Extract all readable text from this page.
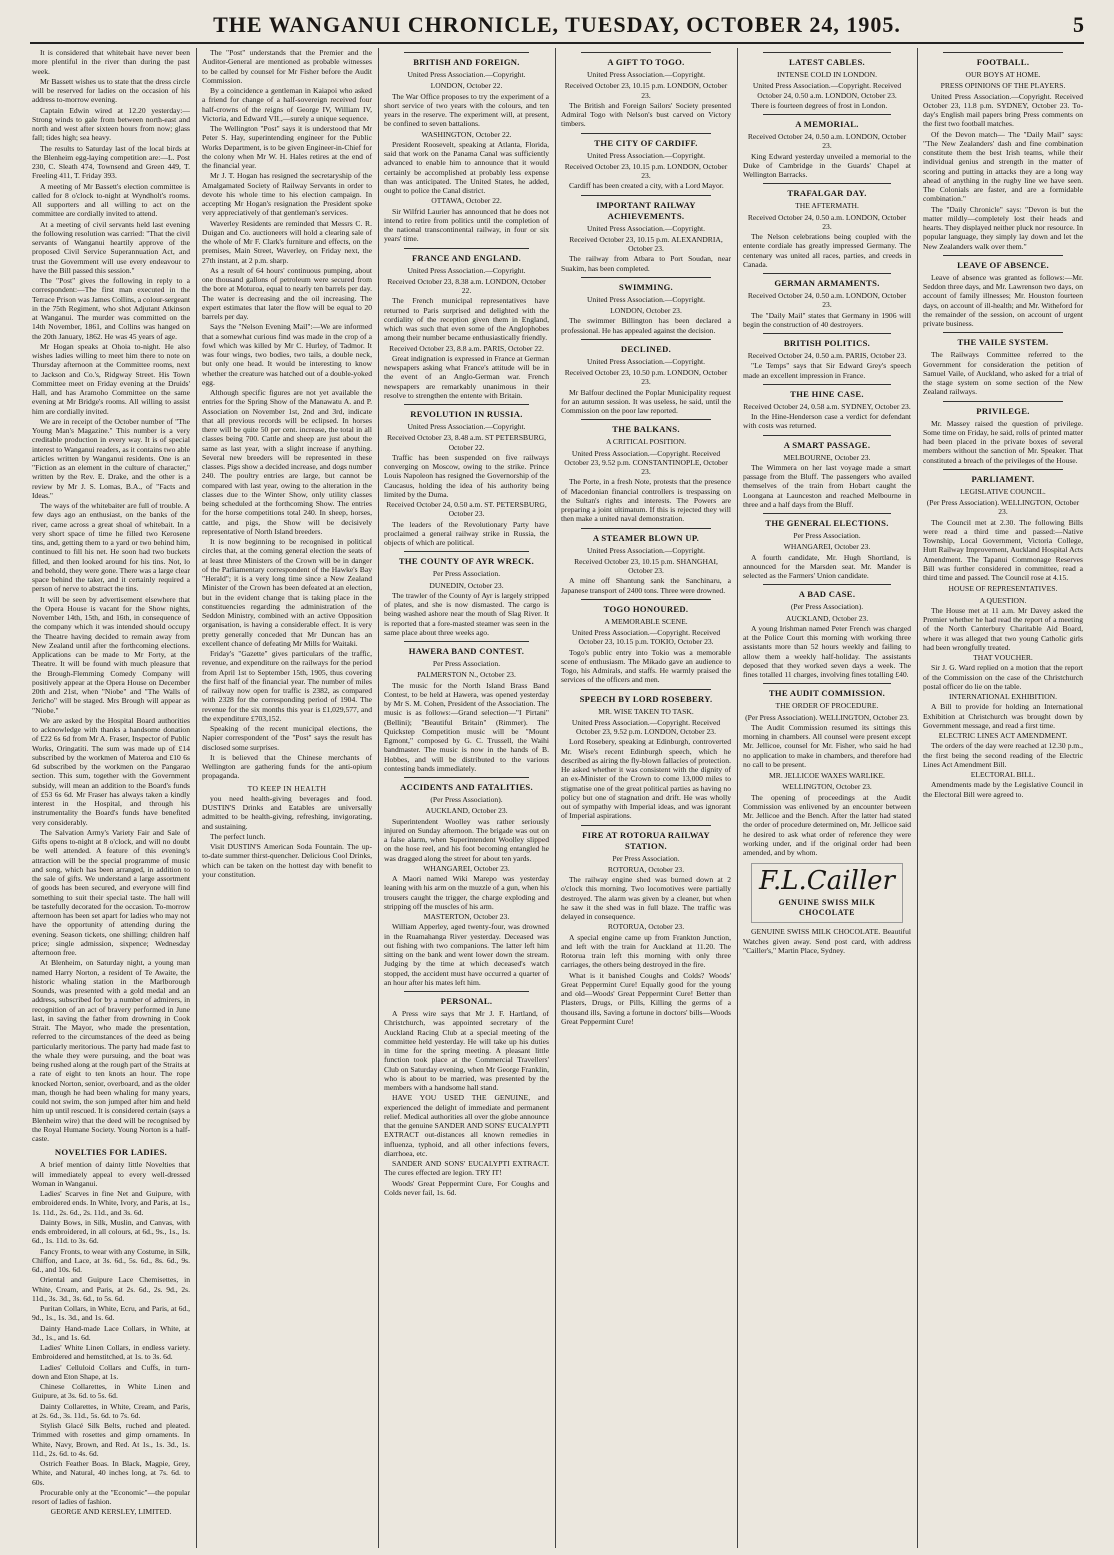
THE WANGANUI CHRONICLE, TUESDAY, OCTOBER 24, 1905.	5

It is considered that whitebait have never been more plentiful in the river than during the past week.

Mr Bassett wishes us to state that the dress circle will be reserved for ladies on the occasion of his address to-morrow evening.

Captain Edwin wired at 12.20 yesterday:—Strong winds to gale from between north-east and north and west after sixteen hours from now; glass fall; tides high; sea heavy.

The results to Saturday last of the local birds at the Blenheim egg-laying competition are:—L. Post 230, C. Sleath 474, Townsend and Green 449, T. Freeling 411, T. Friday 393.

A meeting of Mr Bassett's election committee is called for 8 o'clock to-night at Wyndholt's rooms. All supporters and all willing to act on the committee are cordially invited to attend.

At a meeting of civil servants held last evening the following resolution was carried: "That the civil servants of Wanganui heartily approve of the proposed Civil Service Superannuation Act, and trust the Government will use every endeavour to have the Bill passed this session."

The "Post" gives the following in reply to a correspondent:—The first man executed in the Terrace Prison was James Collins, a colour-sergeant in the 75th Regiment, who shot Adjutant Atkinson at Wanganui. The murder was committed on the 14th November, 1861, and Collins was hanged on the 20th January, 1862. He was 45 years of age.

Mr Hogan speaks at Ohoia to-night. He also wishes ladies willing to meet him there to note on Thursday afternoon at the Committee rooms, next to Jackson and Co.'s, Ridgway Street. His Town Committee meet on Friday evening at the Druids' Hall, and has Aramoho Committee on the same evening at Mr Bridge's rooms. All willing to assist him are cordially invited.

We are in receipt of the October number of "The Young Man's Magazine." This number is a very creditable production in every way. It is of special interest to Wanganui readers, as it contains two able articles written by Wanganui residents. One is an "Fiction as an element in the culture of character," written by the Rev. E. Drake, and the other is a review by Mr J. S. Lomas, B.A., of "Facts and Ideas."

The ways of the whitebaiter are full of trouble. A few days ago an enthusiast, on the banks of the river, came across a great shoal of whitebait. In a very short space of time he filled two Kerosene tins, and, getting them to a yard or two behind him, continued to fill his net. He soon had two buckets filled, and then looked around for his tins. Not, lo and behold, they were gone. There was a large clear space behind the taker, and it certainly required a person of nerve to abstract the tins.

It will be seen by advertisement elsewhere that the Opera House is vacant for the Show nights, November 14th, 15th, and 16th, in consequence of the company which it was intended should occupy the Theatre having decided to remain away from New Zealand until after the forthcoming elections. Applications can be made to Mr Forty, at the Theatre. It will be found with much pleasure that the Brough-Flemming Comedy Company will positively appear at the Opera House on December 20th and 21st, when "Niobe" and "The Walls of Jericho" will be staged. Mrs Brough will appear as "Niobe."

We are asked by the Hospital Board authorities to acknowledge with thanks a handsome donation of £22 6s 6d from Mr A. Fraser, Inspector of Public Works, Oringatiti. The sum was made up of £14 subscribed by the workmen of Materoa and £10 6s 6d subscribed by the workmen on the Pangarao section. This sum, together with the Government subsidy, will mean an addition to the Board's funds of £53 6s 6d. Mr Fraser has always taken a kindly interest in the Hospital, and through his instrumentality the Board's funds have benefited very considerably.

The Salvation Army's Variety Fair and Sale of Gifts opens to-night at 8 o'clock, and will no doubt be well attended. A feature of this evening's attraction will be the special programme of music and song, which has been arranged, in addition to the sale of gifts. We understand a large assortment of goods has been secured, and everyone will find something to suit their special taste. The hall will be tastefully decorated for the occasion. To-morrow afternoon has been set apart for ladies who may not have the opportunity of attending during the evening. Season tickets, one shilling; children half price; single admission, sixpence; Wednesday afternoon free.

At Blenheim, on Saturday night, a young man named Harry Norton, a resident of Te Awaite, the historic whaling station in the Marlborough Sounds, was presented with a gold medal and an address, subscribed for by a number of admirers, in recognition of an act of bravery performed in June last, in saving the father from drowning in Cook Strait. The Mayor, who made the presentation, referred to the circumstances of the deed as being particularly meritorious. The party had made fast to the whale they were pursuing, and the boat was being rushed along at the rough part of the Straits at a rate of eight to ten knots an hour. The rope knocked Norton, senior, overboard, and as the older man, though he had been whaling for many years, could not swim, the son jumped after him and held him up until rescued. It is considered certain (says a Blenheim wire) that the deed will be recognised by the Royal Humane Society. Young Norton is a half-caste.

NOVELTIES FOR LADIES.

A brief mention of dainty little Novelties that will immediately appeal to every well-dressed Woman in Wanganui.

Ladies' Scarves in fine Net and Guipure, with embroidered ends. In White, Ivory, and Paris, at 1s., 1s. 11d., 2s. 6d., 2s. 11d., and 3s. 6d.

Dainty Bows, in Silk, Muslin, and Canvas, with ends embroidered, in all colours, at 6d., 9s., 1s., 1s. 6d., 1s. 11d. to 3s. 6d.

Fancy Fronts, to wear with any Costume, in Silk, Chiffon, and Lace, at 3s. 6d., 5s. 6d., 8s. 6d., 9s. 6d., and 10s. 6d.

Oriental and Guipure Lace Chemisettes, in White, Cream, and Paris, at 2s. 6d., 2s. 9d., 2s. 11d., 3s. 3d., 3s. 6d., to 5s. 6d.

Puritan Collars, in White, Ecru, and Paris, at 6d., 9d., 1s., 1s. 3d., and 1s. 6d.

Dainty Hand-made Lace Collars, in White, at 3d., 1s., and 1s. 6d.

Ladies' White Linen Collars, in endless variety. Embroidered and hemstitched, at 1s. to 3s. 6d.

Ladies' Celluloid Collars and Cuffs, in turn-down and Eton Shape, at 1s.

Chinese Collarettes, in White Linen and Guipure, at 3s. 6d. to 5s. 6d.

Dainty Collarettes, in White, Cream, and Paris, at 2s. 6d., 3s. 11d., 5s. 6d. to 7s. 6d.

Stylish Glacé Silk Belts, ruched and pleated. Trimmed with rosettes and gimp ornaments. In White, Navy, Brown, and Red. At 1s., 1s. 3d., 1s. 11d., 2s. 6d. to 4s. 6d.

Ostrich Feather Boas. In Black, Magpie, Grey, White, and Natural, 40 inches long, at 7s. 6d. to 60s.

Procurable only at the "Economic"—the popular resort of ladies of fashion.

GEORGE AND KERSLEY, LIMITED.

The "Post" understands that the Premier and the Auditor-General are mentioned as probable witnesses to be called by counsel for Mr Fisher before the Audit Commission.

By a coincidence a gentleman in Kaiapoi who asked a friend for change of a half-sovereign received four half-crowns of the reigns of George IV, William IV, Victoria, and Edward VII.,—surely a unique sequence.

The Wellington "Post" says it is understood that Mr Peter S. Hay, superintending engineer for the Public Works Department, is to be given Engineer-in-Chief for the colony when Mr W. H. Hales retires at the end of the financial year.

Mr J. T. Hogan has resigned the secretaryship of the Amalgamated Society of Railway Servants in order to devote his whole time to his election campaign. In accepting Mr Hogan's resignation the President spoke very appreciatively of that gentleman's services.

Waverley Residents are reminded that Messrs C. R. Duigan and Co. auctioneers will hold a clearing sale of the whole of Mr F. Clark's furniture and effects, on the premises, Main Street, Waverley, on Friday next, the 27th instant, at 2 p.m. sharp.

As a result of 64 hours' continuous pumping, about one thousand gallons of petroleum were secured from the bore at Moturoa, equal to nearly ten barrels per day. The water is decreasing and the oil increasing. The expert estimates that later the flow will be equal to 20 barrels per day.

Says the "Nelson Evening Mail":—We are informed that a somewhat curious find was made in the crop of a fowl which was killed by Mr C. Hurley, of Tadmor. It was four wings, two bodies, two tails, a double neck, but only one head. It would be interesting to know whether the creature was hatched out of a double-yoked egg.

Although specific figures are not yet available the entries for the Spring Show of the Manawatu A. and P. Association on November 1st, 2nd and 3rd, indicate that all previous records will be eclipsed. In horses there will be quite 50 per cent. increase, the total in all classes being 700. Cattle and sheep are just about the same as last year, with a slight increase if anything. Several new breeders will be represented in these classes. Pigs show a decided increase, and dogs number 240. The poultry entries are large, but cannot be compared with last year, owing to the alteration in the classes due to the Winter Show, only utility classes being scheduled at the forthcoming Show. The entries for the horse competitions total 240. In sheep, horses, cattle, and pigs, the Show will be decisively representative of North Island breeders.

It is now beginning to be recognised in political circles that, at the coming general election the seats of at least three Ministers of the Crown will be in danger of the Parliamentary correspondent of the Hawke's Bay "Herald"; it is a very long time since a New Zealand Minister of the Crown has been defeated at an election, but in the evident change that is taking place in the constituencies regarding the administration of the Seddon Ministry, combined with an active Opposition organisation, is having a considerable effect. It is very pretty generally conceded that Mr Duncan has an excellent chance of defeating Mr Mills for Waitaki.

Friday's "Gazette" gives particulars of the traffic, revenue, and expenditure on the railways for the period from April 1st to September 15th, 1905, thus covering the first half of the financial year. The number of miles of railway now open for traffic is 2382, as compared with 2328 for the corresponding period of 1904. The revenue for the six months this year is £1,029,577, and the expenditure £703,152.

Speaking of the recent municipal elections, the Napier correspondent of the "Post" says the result has disclosed some surprises.

It is believed that the Chinese merchants of Wellington are gathering funds for the anti-opium propaganda.

TO KEEP IN HEALTH

you need health-giving beverages and food. DUSTIN'S Drinks and Eatables are universally admitted to be health-giving, refreshing, invigorating, and sustaining.

The perfect lunch.

Visit DUSTIN'S American Soda Fountain. The up-to-date summer thirst-quencher. Delicious Cool Drinks, which can be taken on the hottest day with benefit to your constitution.

BRITISH AND FOREIGN.
United Press Association.—Copyright.
LONDON, October 22.

The War Office proposes to try the experiment of a short service of two years with the colours, and ten years in the reserve. The experiment will, at present, be confined to seven battalions.

WASHINGTON, October 22.

President Roosevelt, speaking at Atlanta, Florida, said that work on the Panama Canal was sufficiently advanced to enable him to announce that it would certainly be accomplished at probably less expense than was anticipated. The United States, he added, ought to police the Canal district.

OTTAWA, October 22.

Sir Wilfrid Laurier has announced that he does not intend to retire from politics until the completion of the national transcontinental railway, in four or six years' time.

FRANCE AND ENGLAND.
United Press Association.—Copyright.
Received October 23, 8.38 a.m. LONDON, October 22.

The French municipal representatives have returned to Paris surprised and delighted with the cordiality of the reception given them in England, which was such that even some of the Anglophobes among their number became enthusiastically friendly.

Received October 23, 8.8 a.m. PARIS, October 22.

Great indignation is expressed in France at German newspapers asking what France's attitude will be in the event of an Anglo-German war. French newspapers are remarkably unanimous in their resolve to strengthen the entente with Britain.

REVOLUTION IN RUSSIA.
United Press Association.—Copyright.
Received October 23, 8.48 a.m. ST PETERSBURG, October 22.

Traffic has been suspended on five railways converging on Moscow, owing to the strike. Prince Louis Napoleon has resigned the Governorship of the Caucasus, holding the idea of his authority being limited by the Duma.

Received October 24, 0.50 a.m. ST. PETERSBURG, October 23.

The leaders of the Revolutionary Party have proclaimed a general railway strike in Russia, the objects of which are political.

THE COUNTY OF AYR WRECK.
Per Press Association.
DUNEDIN, October 23.

The trawler of the County of Ayr is largely stripped of plates, and she is now dismasted. The cargo is being washed ashore near the mouth of Slag River. It is reported that a fore-masted steamer was seen in the same place about three weeks ago.

HAWERA BAND CONTEST.
Per Press Association.
PALMERSTON N., October 23.

The music for the North Island Brass Band Contest, to be held at Hawera, was opened yesterday by Mr S. M. Cohen, President of the Association. The music is as follows:—Grand selection—"I Pirtani" (Bellini); "Beautiful Britain" (Rimmer). The Quickstep Competition music will be "Mount Egmont," composed by G. C. Trussell, the Waihi bandmaster. The music is now in the hands of B. Hobbes, and will be distributed to the various contesting bands immediately.

ACCIDENTS AND FATALITIES.
(Per Press Association).
AUCKLAND, October 23.

Superintendent Woolley was rather seriously injured on Sunday afternoon. The brigade was out on a false alarm, when Superintendent Woolley slipped on the hose reel, and his foot becoming entangled he was dragged along the street for about ten yards.

WHANGAREI, October 23.

A Maori named Wiki Marepo was yesterday leaning with his arm on the muzzle of a gun, when his trousers caught the trigger, the charge exploding and stripping off the muscles of his arm.

MASTERTON, October 23.

William Apperley, aged twenty-four, was drowned in the Ruamahanga River yesterday. Deceased was out fishing with two companions. The latter left him sitting on the bank and went lower down the stream. Judging by the time at which deceased's watch stopped, the accident must have occurred a quarter of an hour after his mates left him.

PERSONAL.

A Press wire says that Mr J. F. Hartland, of Christchurch, was appointed secretary of the Auckland Racing Club at a special meeting of the committee held yesterday. He will take up his duties in time for the spring meeting. A pleasant little function took place at the Commercial Travellers' Club on Saturday evening, when Mr George Franklin, who is about to be married, was presented by the members with a handsome hall stand.

HAVE YOU USED THE GENUINE, and experienced the delight of immediate and permanent relief. Medical authorities all over the globe announce that the genuine SANDER AND SONS' EUCALYPTI EXTRACT out-distances all known remedies in influenza, typhoid, and all other infections fevers, diarrhoea, etc.

SANDER AND SONS' EUCALYPTI EXTRACT. The cures effected are legion. TRY IT!

Woods' Great Peppermint Cure, For Coughs and Colds never fail, 1s. 6d.

A GIFT TO TOGO.
United Press Association.—Copyright.
Received October 23, 10.15 p.m. LONDON, October 23.

The British and Foreign Sailors' Society presented Admiral Togo with Nelson's bust carved on Victory timbers.

THE CITY OF CARDIFF.
United Press Association.—Copyright.
Received October 23, 10.15 p.m. LONDON, October 23.

Cardiff has been created a city, with a Lord Mayor.

IMPORTANT RAILWAY ACHIEVEMENTS.
United Press Association.—Copyright.
Received October 23, 10.15 p.m. ALEXANDRIA, October 23.

The railway from Atbara to Port Soudan, near Suakim, has been completed.

SWIMMING.
United Press Association.—Copyright.
LONDON, October 23.

The swimmer Billington has been declared a professional. He has appealed against the decision.

DECLINED.
United Press Association.—Copyright.
Received October 23, 10.50 p.m. LONDON, October 23.

Mr Balfour declined the Poplar Municipality request for an autumn session. It was useless, he said, until the Commission on the poor law reported.

THE BALKANS.
A CRITICAL POSITION.
United Press Association.—Copyright. Received October 23, 9.52 p.m. CONSTANTINOPLE, October 23.

The Porte, in a fresh Note, protests that the presence of Macedonian financial controllers is trespassing on the Sultan's rights and interests. The Powers are preparing a joint ultimatum. If this is rejected they will then make a united naval demonstration.

A STEAMER BLOWN UP.
United Press Association.—Copyright.
Received October 23, 10.15 p.m. SHANGHAI, October 23.

A mine off Shantung sank the Sanchinaru, a Japanese transport of 2400 tons. Three were drowned.

TOGO HONOURED.
A MEMORABLE SCENE.
United Press Association.—Copyright. Received October 23, 10.15 p.m. TOKIO, October 23.

Togo's public entry into Tokio was a memorable scene of enthusiasm. The Mikado gave an audience to Togo, his Admirals, and staffs. He warmly praised the services of the officers and men.

SPEECH BY LORD ROSEBERY.
MR. WISE TAKEN TO TASK.
United Press Association.—Copyright. Received October 23, 9.52 p.m. LONDON, October 23.

Lord Rosebery, speaking at Edinburgh, controverted Mr. Wise's recent Edinburgh speech, which he described as airing the fly-blown fallacies of protection. He asked whether it was consistent with the dignity of an ex-Minister of the Crown to come 13,000 miles to stigmatise one of the great political parties as having no policy but one of stagnation and drift. He was wholly out of sympathy with Imperial ideas, and was ignorant of Imperial aspirations.

FIRE AT ROTORUA RAILWAY STATION.
Per Press Association.
ROTORUA, October 23.

The railway engine shed was burned down at 2 o'clock this morning. Two locomotives were partially destroyed. The alarm was given by a cleaner, but when he saw it the shed was in full blaze. The traffic was delayed in consequence.

ROTORUA, October 23.

A special engine came up from Frankton Junction, and left with the train for Auckland at 11.20. The Rotorua train left this morning with only three carriages, the others being destroyed in the fire.

What is it banished Coughs and Colds? Woods' Great Peppermint Cure! Equally good for the young and old—Woods' Great Peppermint Cure! Better than Plasters, Drugs, or Pills, Killing the germs of a thousand ills, Saving a fortune in doctors' bills—Woods Great Peppermint Cure!

LATEST CABLES.
INTENSE COLD IN LONDON.
United Press Association.—Copyright. Received October 24, 0.50 a.m. LONDON, October 23.

There is fourteen degrees of frost in London.

A MEMORIAL.
Received October 24, 0.50 a.m. LONDON, October 23.

King Edward yesterday unveiled a memorial to the Duke of Cambridge in the Guards' Chapel at Wellington Barracks.

TRAFALGAR DAY.
THE AFTERMATH.
Received October 24, 0.50 a.m. LONDON, October 23.

The Nelson celebrations being coupled with the entente cordiale has greatly impressed Germany. The centenary was united all races, parties, and creeds in Canada.

GERMAN ARMAMENTS.
Received October 24, 0.50 a.m. LONDON, October 23.

The "Daily Mail" states that Germany in 1906 will begin the construction of 40 destroyers.

BRITISH POLITICS.
Received October 24, 0.50 a.m. PARIS, October 23.

"Le Temps" says that Sir Edward Grey's speech made an excellent impression in France.

THE HINE CASE.
Received October 24, 0.58 a.m. SYDNEY, October 23.

In the Hine-Henderson case a verdict for defendant with costs was returned.

A SMART PASSAGE.
MELBOURNE, October 23.

The Wimmera on her last voyage made a smart passage from the Bluff. The passengers who availed themselves of the train from Hobart caught the Loongana at Launceston and reached Melbourne in three and a half days from the Bluff.

THE GENERAL ELECTIONS.
Per Press Association.
WHANGAREI, October 23.

A fourth candidate, Mr. Hugh Shortland, is announced for the Marsden seat. Mr. Mander is selected as the Farmers' Union candidate.

A BAD CASE.
(Per Press Association).
AUCKLAND, October 23.

A young Irishman named Peter French was charged at the Police Court this morning with working three assistants more than 52 hours weekly and failing to allow them a weekly half-holiday. The assistants deposed that they worked seven days a week. The fines totalled 11 charges, involving fines totalling £40.

THE AUDIT COMMISSION.
THE ORDER OF PROCEDURE.
(Per Press Association). WELLINGTON, October 23.

The Audit Commission resumed its sittings this morning in chambers. All counsel were present except Mr. Jellicoe, counsel for Mr. Fisher, who said he had no application to make in chambers, and therefore had no call to be present.

MR. JELLICOE WAXES WARLIKE.
WELLINGTON, October 23.

The opening of proceedings at the Audit Commission was enlivened by an encounter between Mr. Jellicoe and the Bench. After the latter had stated the order of procedure determined on, Mr. Jellicoe said he desired to ask what order of reference they were working under, and if the original order had been amended, and by whom.

F.L.Cailler
GENUINE SWISS MILK
CHOCOLATE

GENUINE SWISS MILK CHOCOLATE. Beautiful Watches given away. Send post card, with address "Cailler's," Martin Place, Sydney.

FOOTBALL.
OUR BOYS AT HOME.
PRESS OPINIONS OF THE PLAYERS.

United Press Association.—Copyright. Received October 23, 11.8 p.m. SYDNEY, October 23. To-day's English mail papers bring Press comments on the first two football matches.

Of the Devon match— The "Daily Mail" says: "The New Zealanders' dash and fine combination constitute them the best Irish teams, while their individual genius and strength in the matter of scoring and putting in attacks they are a long way ahead of anything in the rugby line we have seen. The Colonials are faster, and are a formidable combination."

The "Daily Chronicle" says: "Devon is but the matter mildly—completely lost their heads and hearts. They displayed neither pluck nor resource. In popular language, they simply lay down and let the New Zealanders walk over them."

LEAVE OF ABSENCE.

Leave of absence was granted as follows:—Mr. Seddon three days, and Mr. Lawrenson two days, on account of family illnesses; Mr. Houston fourteen days, on account of ill-health; and Mr. Witheford for the remainder of the session, on account of urgent private business.

THE VAILE SYSTEM.

The Railways Committee referred to the Government for consideration the petition of Samuel Vaile, of Auckland, who asked for a trial of the stage system on some section of the New Zealand railways.

PRIVILEGE.

Mr. Massey raised the question of privilege. Some time on Friday, he said, rolls of printed matter had been placed in the private boxes of several members without the sanction of Mr. Speaker. That constituted a breach of the privileges of the House.

PARLIAMENT.
LEGISLATIVE COUNCIL.
(Per Press Association). WELLINGTON, October 23.

The Council met at 2.30. The following Bills were read a third time and passed:—Native Township, Local Government, Victoria College, Hutt Railway Improvement, Auckland Hospital Acts Amendment. The Tapanui Commonage Reserves Bill was further considered in committee, read a third time and passed. The Council rose at 4.15.

HOUSE OF REPRESENTATIVES.
A QUESTION.

The House met at 11 a.m. Mr Davey asked the Premier whether he had read the report of a meeting of the North Canterbury Charitable Aid Board, where it was alleged that two young Catholic girls had been wrongfully treated.

THAT VOUCHER.

Sir J. G. Ward replied on a motion that the report of the Commission on the case of the Christchurch postal officer do lie on the table.

INTERNATIONAL EXHIBITION.

A Bill to provide for holding an International Exhibition at Christchurch was brought down by Government message, and read a first time.

ELECTRIC LINES ACT AMENDMENT.

The orders of the day were reached at 12.30 p.m., the first being the second reading of the Electric Lines Act Amendment Bill.

ELECTORAL BILL.

Amendments made by the Legislative Council in the Electoral Bill were agreed to.
